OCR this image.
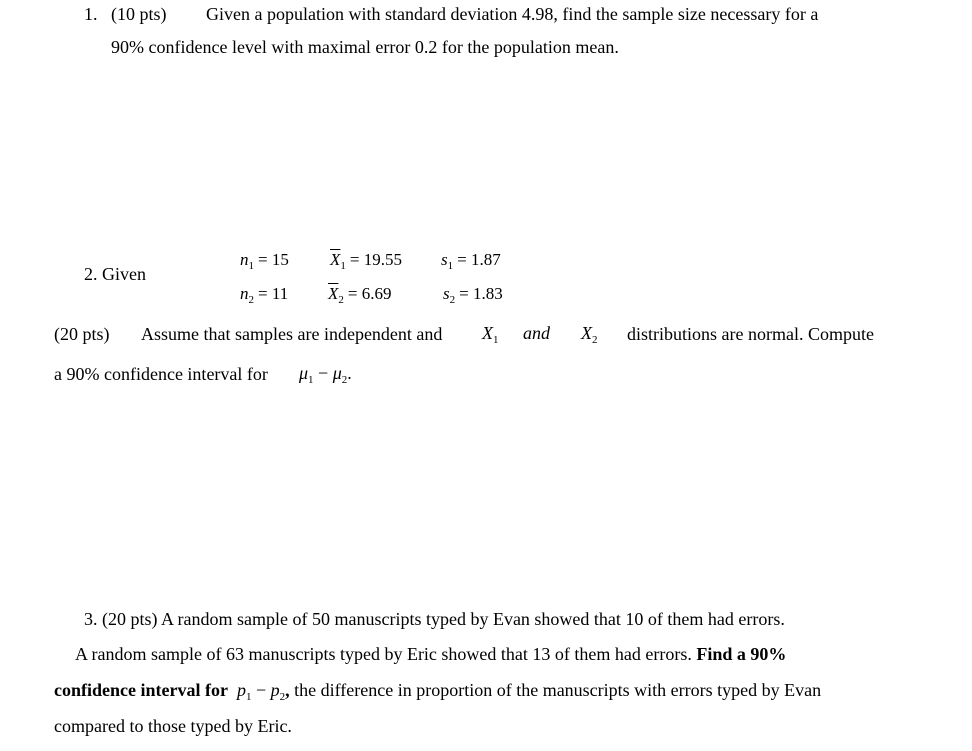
1. (10 pts) Given a population with standard deviation 4.98, find the sample size necessary for a
90% confidence level with maximal error 0.2 for the population mean.
2. Given
$n_1 = 15$ $\overline{X}_1 = 19.55$ $s_1 = 1.87$
$n_2 = 11$ $\overline{X}_2 = 6.69$	$s_2 = 1.83$
(20 pts) Assume that samples are independent and $X_1$ and $X_2$ distributions are normal. Compute
a 90% confidence interval for $\mu_1 - \mu_2$.
3. (20 pts) A random sample of 50 manuscripts typed by Evan showed that 10 of them had errors.
A random sample of 63 manuscripts typed by Eric showed that 13 of them had errors. Find a 90%
confidence interval for  $p_1 - p_2$, the difference in proportion of the manuscripts with errors typed by Evan
compared to those typed by Eric.
